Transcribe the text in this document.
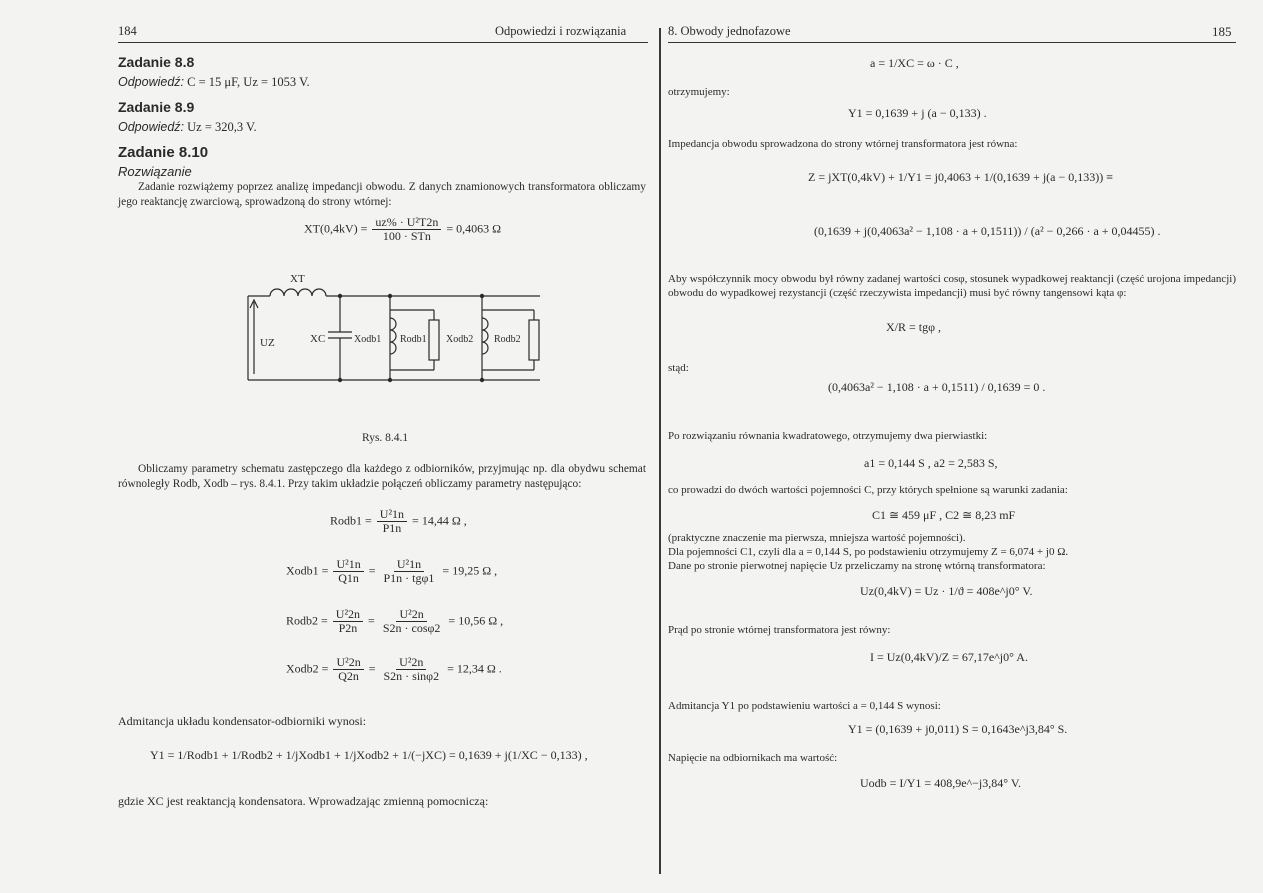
184	Odpowiedzi i rozwiązania
Zadanie 8.8
Odpowiedź: C = 15 μF, Uz = 1053 V.
Zadanie 8.9
Odpowiedź: Uz = 320,3 V.
Zadanie 8.10
Rozwiązanie
Zadanie rozwiążemy poprzez analizę impedancji obwodu. Z danych znamionowych transformatora obliczamy jego reaktancję zwarciową, sprowadzoną do strony wtórnej:
$XT(0,4kV) = \frac{\text{uz\% · U²T2n}}{\text{100 · STn}} = 0,4063$ Ω
XT
UZ	XC	Xodb1 Rodb1 Xodb2 Rodb2
Rys. 8.4.1
Obliczamy parametry schematu zastępczego dla każdego z odbiorników, przyjmując np. dla obydwu schemat równoległy Rodb, Xodb – rys. 8.4.1. Przy takim układzie połączeń obliczamy parametry następująco:
Rodb1 = $\frac{\text{U²1n}}{P1n} = 14,44$ Ω ,
Xodb1 = $\frac{\text{U²1n}}{Q1n} = \frac{\text{U²1n}}{\text{P1n · tgφ1}} = 19,25$ Ω ,
Rodb2 = $\frac{\text{U²2n}}{P2n} = \frac{\text{U²2n}}{S2n \cdot \cos\varphi 2} = 10,56$ Ω ,
Xodb2 = $\frac{\text{U²2n}}{Q2n} = \frac{\text{U²2n}}{S2n \cdot \sin\varphi 2} = 12,34$ Ω .
Admitancja układu kondensator-odbiorniki wynosi:
Y1 = 1/Rodb1 + 1/Rodb2 + 1/jXodb1 + 1/jXodb2 + 1/(−jXC) = 0,1639 + j(1/XC − 0,133) ,
gdzie XC jest reaktancją kondensatora. Wprowadzając zmienną pomocniczą:
8. Obwody jednofazowe	185
a = 1/XC = ω · C ,
otrzymujemy:
Y1 = 0,1639 + j (a − 0,133) .
Impedancja obwodu sprowadzona do strony wtórnej transformatora jest równa:
Z = jXT(0,4kV) + 1/Y1 = j0,4063 + 1/(0,1639 + j(a − 0,133)) ≡
(0,1639 + j(0,4063a² − 1,108 · a + 0,1511)) / (a² − 0,266 · a + 0,04455) .
Aby współczynnik mocy obwodu był równy zadanej wartości cosφ, stosunek wypadkowej reaktancji (część urojona impedancji) obwodu do wypadkowej rezystancji (część rzeczywista impedancji) musi być równy tangensowi kąta φ:
X/R = tgφ ,
stąd:
(0,4063a² − 1,108 · a + 0,1511) / 0,1639 = 0 .
Po rozwiązaniu równania kwadratowego, otrzymujemy dwa pierwiastki:
a1 = 0,144 S , a2 = 2,583 S,
co prowadzi do dwóch wartości pojemności C, przy których spełnione są warunki zadania:
C1 ≅ 459 μF , C2 ≅ 8,23 mF
(praktyczne znaczenie ma pierwsza, mniejsza wartość pojemności).
Dla pojemności C1, czyli dla a = 0,144 S, po podstawieniu otrzymujemy Z = 6,074 + j0 Ω.
Dane po stronie pierwotnej napięcie Uz przeliczamy na stronę wtórną transformatora:
Uz(0,4kV) = Uz · 1/ϑ = 408e^j0° V.
Prąd po stronie wtórnej transformatora jest równy:
I = Uz(0,4kV)/Z = 67,17e^j0° A.
Admitancja Y1 po podstawieniu wartości a = 0,144 S wynosi:
Y1 = (0,1639 + j0,011) S = 0,1643e^j3,84° S.
Napięcie na odbiornikach ma wartość:
Uodb = I/Y1 = 408,9e^−j3,84° V.
